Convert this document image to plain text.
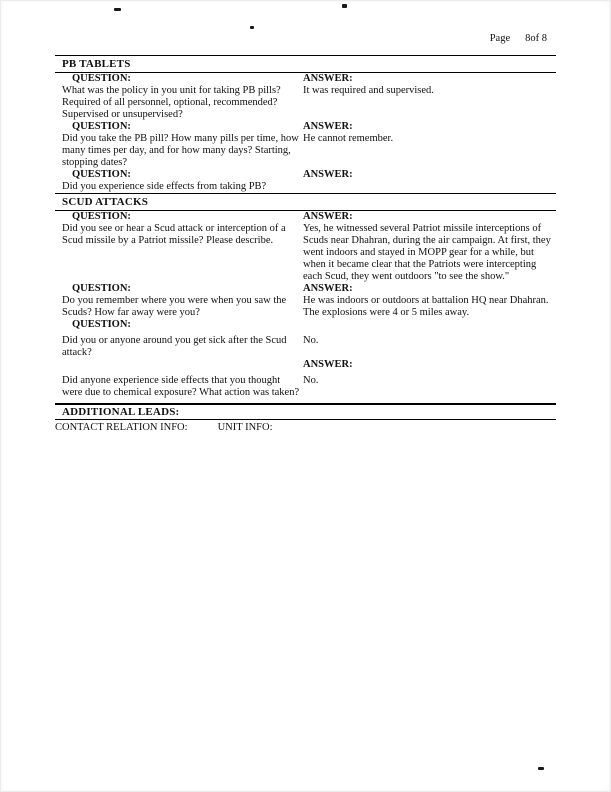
Page 8of 8
PB TABLETS
QUESTION:	ANSWER:
What was the policy in you unit for taking PB pills? Required of all personnel, optional, recommended? Supervised or unsupervised?
It was required and supervised.
QUESTION:	ANSWER:
Did you take the PB pill? How many pills per time, how many times per day, and for how many days? Starting, stopping dates?
He cannot remember.
QUESTION:	ANSWER:
Did you experience side effects from taking PB?
SCUD ATTACKS
QUESTION:	ANSWER:
Did you see or hear a Scud attack or interception of a Scud missile by a Patriot missile? Please describe.
Yes, he witnessed several Patriot missile interceptions of Scuds near Dhahran, during the air campaign. At first, they went indoors and stayed in MOPP gear for a while, but when it became clear that the Patriots were intercepting each Scud, they went outdoors "to see the show."
QUESTION:	ANSWER:
Do you remember where you were when you saw the Scuds? How far away were you?
He was indoors or outdoors at battalion HQ near Dhahran. The explosions were 4 or 5 miles away.
QUESTION:
Did you or anyone around you get sick after the Scud attack?
No.
ANSWER:
Did anyone experience side effects that you thought were due to chemical exposure? What action was taken?
No.
ADDITIONAL LEADS:
CONTACT RELATION INFO:	UNIT INFO:
